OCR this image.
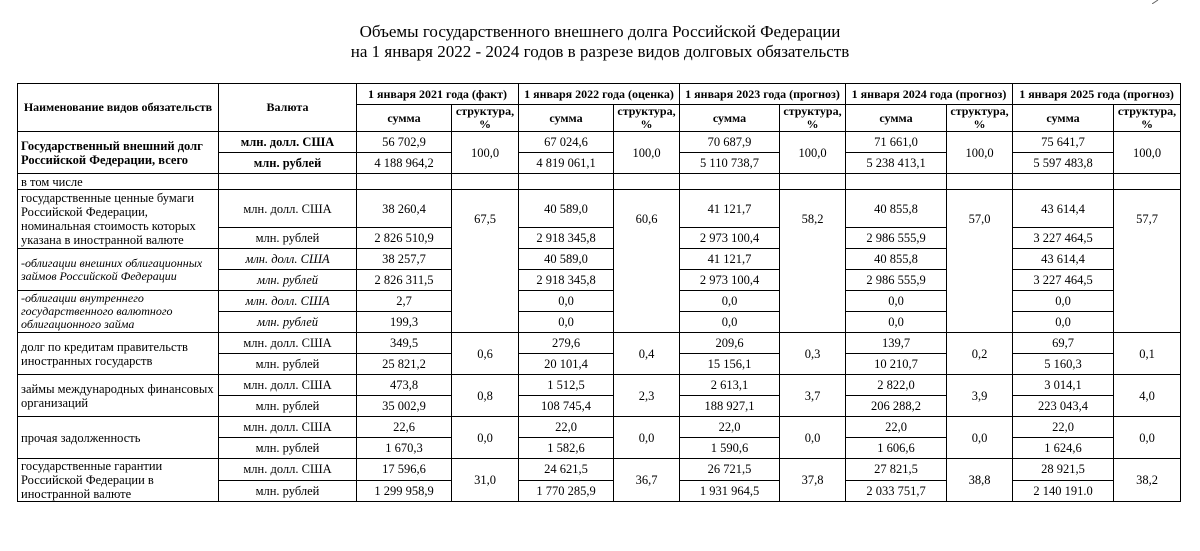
Объемы государственного внешнего долга Российской Федерации
на 1 января 2022 - 2024 годов в разрезе видов долговых обязательств
Наименование видов обязательств	Валюта	1 января 2021 года (факт)		1 января 2022 года (оценка)		1 января 2023 года (прогноз)		1 января 2024 года (прогноз)		1 января 2025 года (прогноз)	
		сумма	структура, %	сумма	структура, %	сумма	структура, %	сумма	структура, %	сумма	структура, %
Государственный внешний долг Российской Федерации, всего	млн. долл. США	56 702,9	100,0	67 024,6	100,0	70 687,9	100,0	71 661,0	100,0	75 641,7	100,0
	млн. рублей	4 188 964,2		4 819 061,1		5 110 738,7		5 238 413,1		5 597 483,8	
в том числе											
государственные ценные бумаги Российской Федерации, номинальная стоимость которых указана в иностранной валюте	млн. долл. США	38 260,4	67,5	40 589,0	60,6	41 121,7	58,2	40 855,8	57,0	43 614,4	57,7
	млн. рублей	2 826 510,9		2 918 345,8		2 973 100,4		2 986 555,9		3 227 464,5	
-облигации внешних облигационных займов Российской Федерации	млн. долл. США	38 257,7		40 589,0		41 121,7		40 855,8		43 614,4	
	млн. рублей	2 826 311,5		2 918 345,8		2 973 100,4		2 986 555,9		3 227 464,5	
-облигации внутреннего государственного валютного облигационного займа	млн. долл. США	2,7		0,0		0,0		0,0		0,0	
	млн. рублей	199,3		0,0		0,0		0,0		0,0	
долг по кредитам правительств иностранных государств	млн. долл. США	349,5	0,6	279,6	0,4	209,6	0,3	139,7	0,2	69,7	0,1
	млн. рублей	25 821,2		20 101,4		15 156,1		10 210,7		5 160,3	
займы международных финансовых организаций	млн. долл. США	473,8	0,8	1 512,5	2,3	2 613,1	3,7	2 822,0	3,9	3 014,1	4,0
	млн. рублей	35 002,9		108 745,4		188 927,1		206 288,2		223 043,4	
прочая задолженность	млн. долл. США	22,6	0,0	22,0	0,0	22,0	0,0	22,0	0,0	22,0	0,0
	млн. рублей	1 670,3		1 582,6		1 590,6		1 606,6		1 624,6	
государственные гарантии Российской Федерации в иностранной валюте	млн. долл. США	17 596,6	31,0	24 621,5	36,7	26 721,5	37,8	27 821,5	38,8	28 921,5	38,2
	млн. рублей	1 299 958,9		1 770 285,9		1 931 964,5		2 033 751,7		2 140 191.0	
